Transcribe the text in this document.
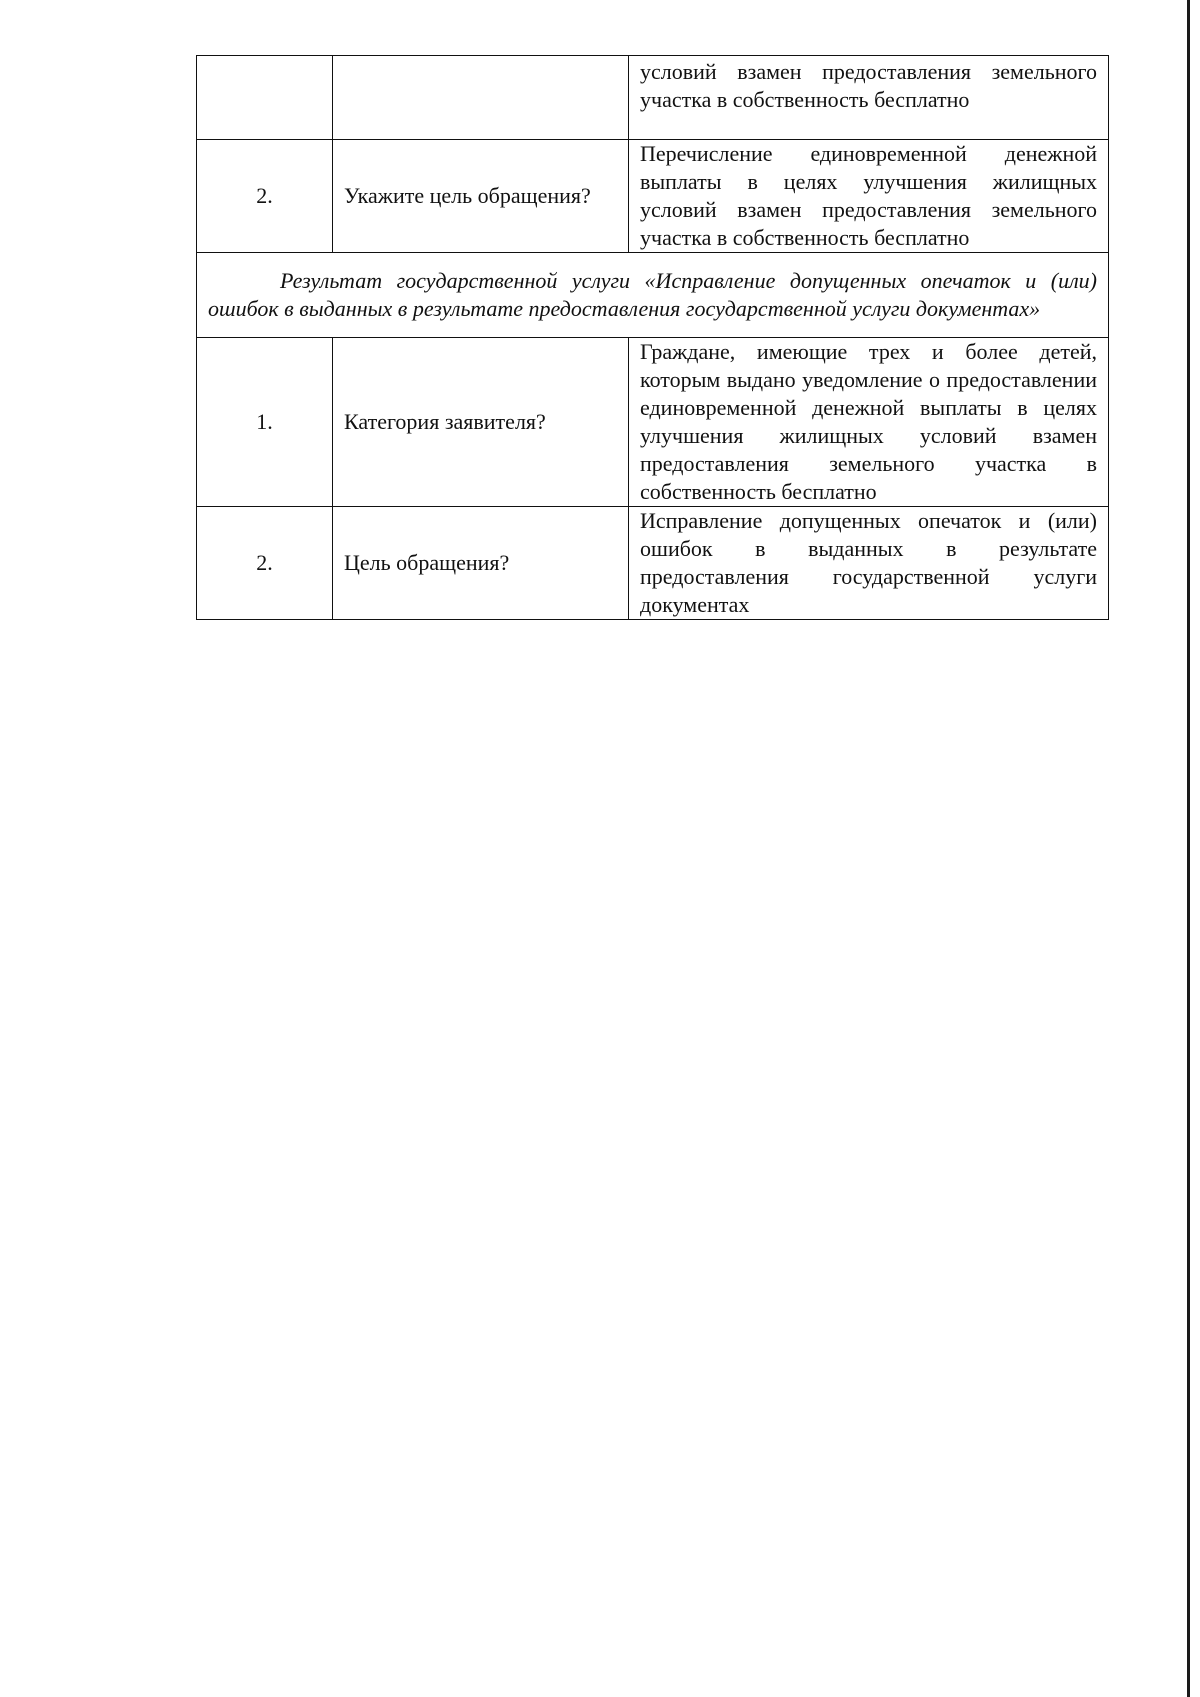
		условий взамен предоставления земельного участка в собственность бесплатно
2.	Укажите цель обращения?	Перечисление единовременной денежной выплаты в целях улучшения жилищных условий взамен предоставления земельного участка в собственность бесплатно

Результат государственной услуги «Исправление допущенных опечаток и (или) ошибок в выданных в результате предоставления государственной услуги документах»		

1.	Категория заявителя?	Граждане, имеющие трех и более детей, которым выдано уведомление о предоставлении единовременной денежной выплаты в целях улучшения жилищных условий взамен предоставления земельного участка в собственность бесплатно
2.	Цель обращения?	Исправление допущенных опечаток и (или) ошибок в выданных в результате предоставления государственной услуги документах
